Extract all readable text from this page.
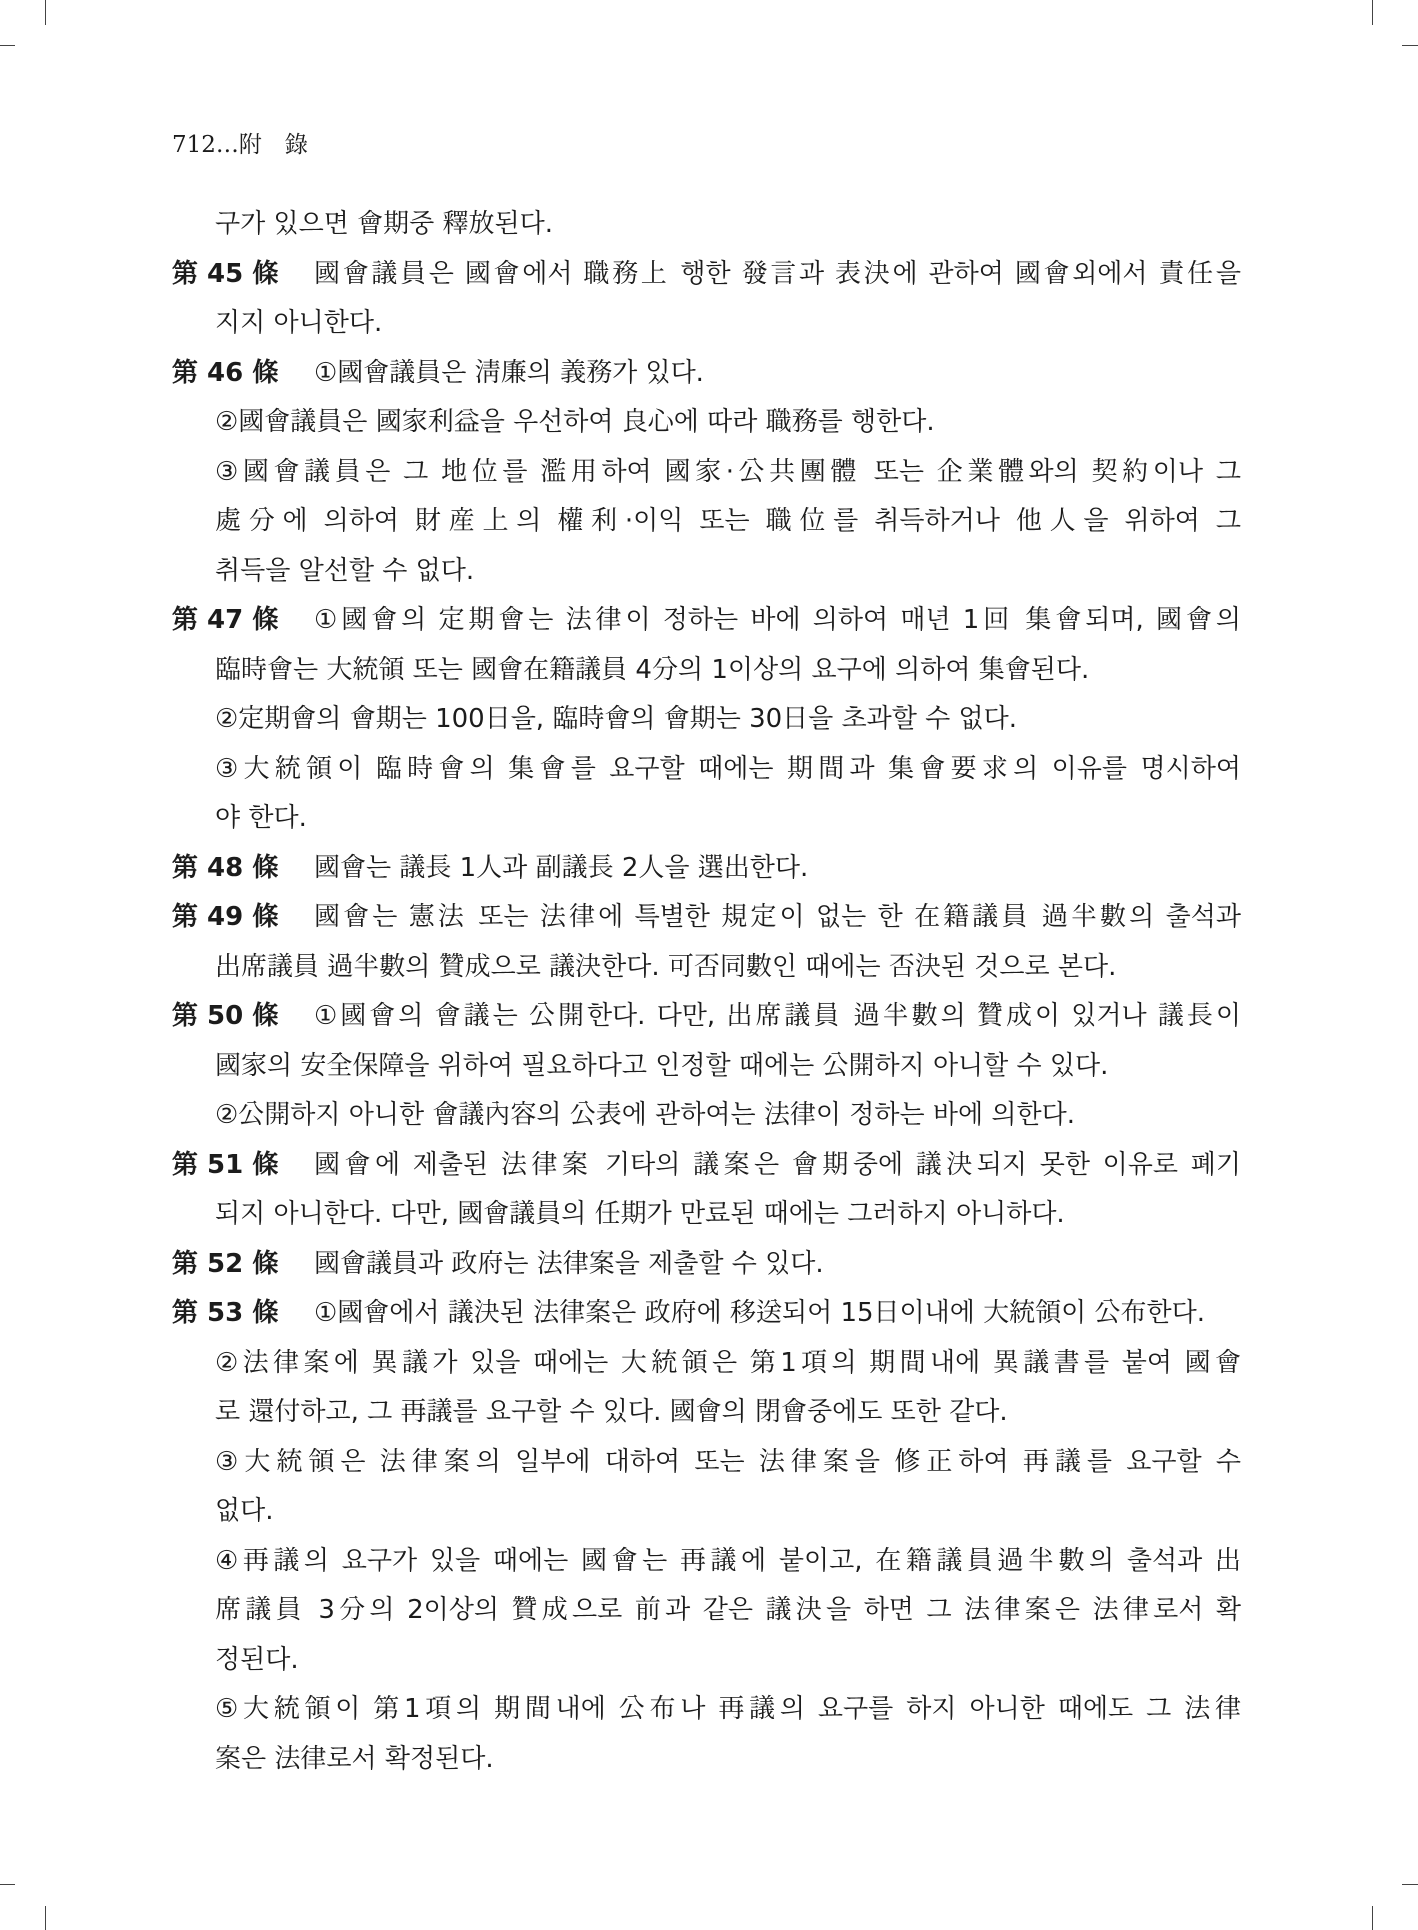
712…附　錄
구가 있으면 會期중 釋放된다.
第 45 條	國會議員은 國會에서 職務上 행한 發言과 表決에 관하여 國會외에서 責任을
지지 아니한다.
第 46 條	①國會議員은 淸廉의 義務가 있다.
②國會議員은 國家利益을 우선하여 良心에 따라 職務를 행한다.
③國會議員은 그 地位를 濫用하여 國家·公共團體 또는 企業體와의 契約이나 그
處分에 의하여 財産上의 權利·이익 또는 職位를 취득하거나 他人을 위하여 그
취득을 알선할 수 없다.
第 47 條	①國會의 定期會는 法律이 정하는 바에 의하여 매년 1回 集會되며, 國會의
臨時會는 大統領 또는 國會在籍議員 4分의 1이상의 요구에 의하여 集會된다.
②定期會의 會期는 100日을, 臨時會의 會期는 30日을 초과할 수 없다.
③大統領이 臨時會의 集會를 요구할 때에는 期間과 集會要求의 이유를 명시하여
야 한다.
第 48 條	國會는 議長 1人과 副議長 2人을 選出한다.
第 49 條	國會는 憲法 또는 法律에 특별한 規定이 없는 한 在籍議員 過半數의 출석과
出席議員 過半數의 贊成으로 議決한다. 可否同數인 때에는 否決된 것으로 본다.
第 50 條	①國會의 會議는 公開한다. 다만, 出席議員 過半數의 贊成이 있거나 議長이
國家의 安全保障을 위하여 필요하다고 인정할 때에는 公開하지 아니할 수 있다.
②公開하지 아니한 會議內容의 公表에 관하여는 法律이 정하는 바에 의한다.
第 51 條	國會에 제출된 法律案 기타의 議案은 會期중에 議決되지 못한 이유로 폐기
되지 아니한다. 다만, 國會議員의 任期가 만료된 때에는 그러하지 아니하다.
第 52 條	國會議員과 政府는 法律案을 제출할 수 있다.
第 53 條	①國會에서 議決된 法律案은 政府에 移送되어 15日이내에 大統領이 公布한다.
②法律案에 異議가 있을 때에는 大統領은 第1項의 期間내에 異議書를 붙여 國會
로 還付하고, 그 再議를 요구할 수 있다. 國會의 閉會중에도 또한 같다.
③大統領은 法律案의 일부에 대하여 또는 法律案을 修正하여 再議를 요구할 수
없다.
④再議의 요구가 있을 때에는 國會는 再議에 붙이고, 在籍議員過半數의 출석과 出
席議員 3分의 2이상의 贊成으로 前과 같은 議決을 하면 그 法律案은 法律로서 확
정된다.
⑤大統領이 第1項의 期間내에 公布나 再議의 요구를 하지 아니한 때에도 그 法律
案은 法律로서 확정된다.
